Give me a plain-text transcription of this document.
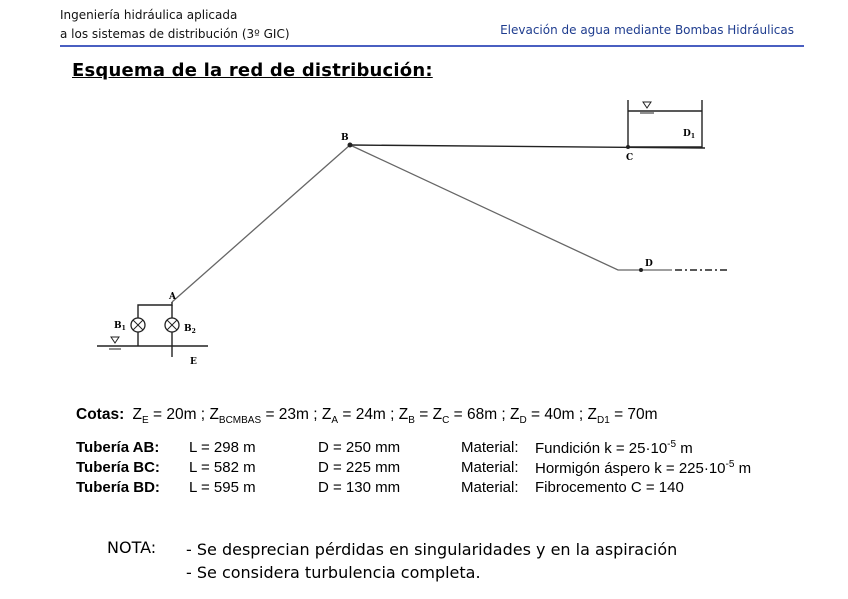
Ingeniería hidráulica aplicada
a los sistemas de distribución (3º GIC)	Elevación de agua mediante Bombas Hidráulicas
Esquema de la red de distribución:
B
C
D
$D_1$
A
$B_1$	$B_2$
E
Cotas: $Z_E = 20m$ ; $Z_{BCMBAS} = 23m$ ; $Z_A = 24m$ ; $Z_B = Z_C = 68m$ ; $Z_D = 40m$ ; $Z_{D1} = 70m$
Tubería AB: L = 298 m	D = 250 mm	Material: Fundición $k = 25\cdot 10^{-5}$ m
Tubería BC: L = 582 m	D = 225 mm	Material: Hormigón áspero $k = 225\cdot 10^{-5}$ m
Tubería BD: L = 595 m	D = 130 mm	Material: Fibrocemento C = 140
NOTA: - Se desprecian pérdidas en singularidades y en la aspiración
- Se considera turbulencia completa.
